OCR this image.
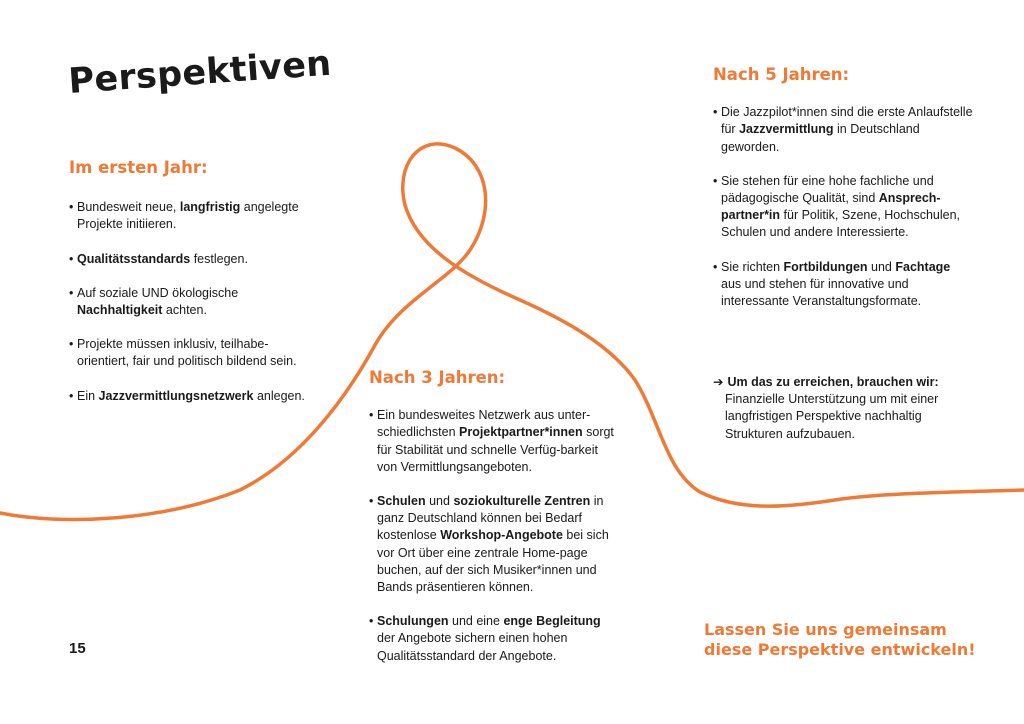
Perspektiven
Im ersten Jahr:
• Bundesweit neue, langfristig angelegte Projekte initiieren.
• Qualitätsstandards festlegen.
• Auf soziale UND ökologische Nachhaltigkeit achten.
• Projekte müssen inklusiv, teilhabe-orientiert, fair und politisch bildend sein.
• Ein Jazzvermittlungsnetzwerk anlegen.
Nach 3 Jahren:
• Ein bundesweites Netzwerk aus unter-schiedlichsten Projektpartner*innen sorgt für Stabilität und schnelle Verfüg-barkeit von Vermittlungsangeboten.
• Schulen und soziokulturelle Zentren in ganz Deutschland können bei Bedarf kostenlose Workshop-Angebote bei sich vor Ort über eine zentrale Home-page buchen, auf der sich Musiker*innen und Bands präsentieren können.
• Schulungen und eine enge Begleitung der Angebote sichern einen hohen Qualitätsstandard der Angebote.
Nach 5 Jahren:
• Die Jazzpilot*innen sind die erste Anlaufstelle für Jazzvermittlung in Deutschland geworden.
• Sie stehen für eine hohe fachliche und pädagogische Qualität, sind Ansprech-partner*in für Politik, Szene, Hochschulen, Schulen und andere Interessierte.
• Sie richten Fortbildungen und Fachtage aus und stehen für innovative und interessante Veranstaltungsformate.
➔ Um das zu erreichen, brauchen wir:
Finanzielle Unterstützung um mit einer langfristigen Perspektive nachhaltig Strukturen aufzubauen.

Lassen Sie uns gemeinsam
diese Perspektive entwickeln!

15
